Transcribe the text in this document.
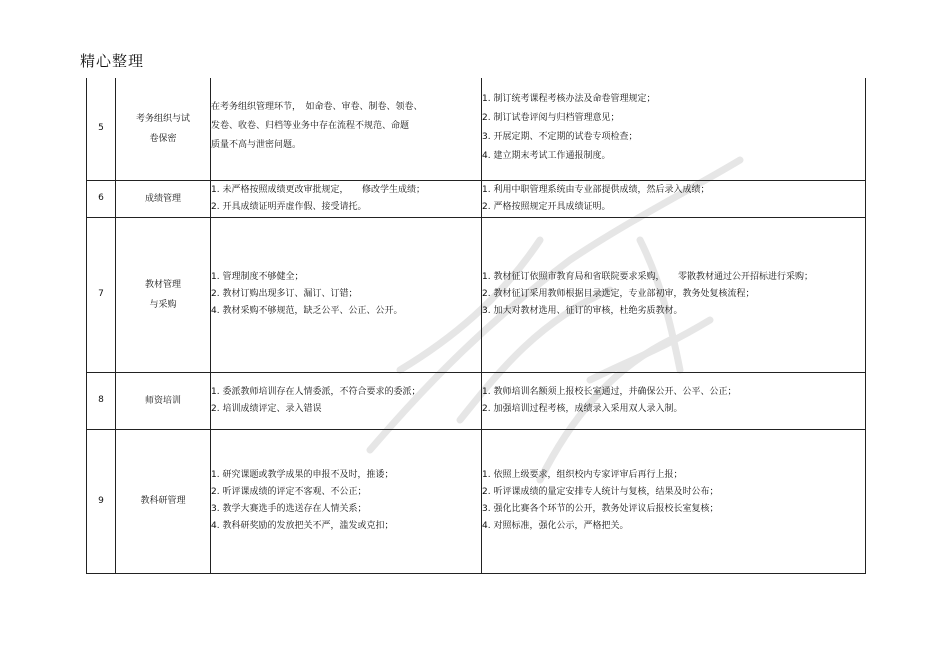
精心整理
5	考务组织与试
卷保密	在考务组织管理环节，　如命卷、审卷、制卷、领卷、
发卷、收卷、归档等业务中存在流程不规范、命题
质量不高与泄密问题。	1. 制订统考课程考核办法及命卷管理规定；
2. 制订试卷评阅与归档管理意见；
3. 开展定期、不定期的试卷专项检查；
4. 建立期末考试工作通报制度。

6	成绩管理	1. 未严格按照成绩更改审批规定，　　修改学生成绩；
2. 开具成绩证明弄虚作假、接受请托。	1. 利用中职管理系统由专业部提供成绩，然后录入成绩；
2. 严格按照规定开具成绩证明。

7	教材管理
与采购	1. 管理制度不够健全；
2. 教材订购出现多订、漏订、订错；
4. 教材采购不够规范，缺乏公平、公正、公开。	1. 教材征订依照市教育局和省联院要求采购，　　零散教材通过公开招标进行采购；
2. 教材征订采用教师根据目录选定，专业部初审，教务处复核流程；
3. 加大对教材选用、征订的审核，杜绝劣质教材。

8	师资培训	1. 委派教师培训存在人情委派，不符合要求的委派；
2. 培训成绩评定、录入错误	1. 教师培训名额须上报校长室通过，并确保公开、公平、公正；
2. 加强培训过程考核，成绩录入采用双人录入制。

9	教科研管理	1. 研究课题或教学成果的申报不及时，推诿；
2. 听评课成绩的评定不客观、不公正；
3. 教学大赛选手的选送存在人情关系；
4. 教科研奖励的发放把关不严，滥发或克扣；	1. 依照上级要求，组织校内专家评审后再行上报；
2. 听评课成绩的量定安排专人统计与复核，结果及时公布；
3. 强化比赛各个环节的公开，教务处评议后报校长室复核；
4. 对照标准，强化公示，严格把关。
